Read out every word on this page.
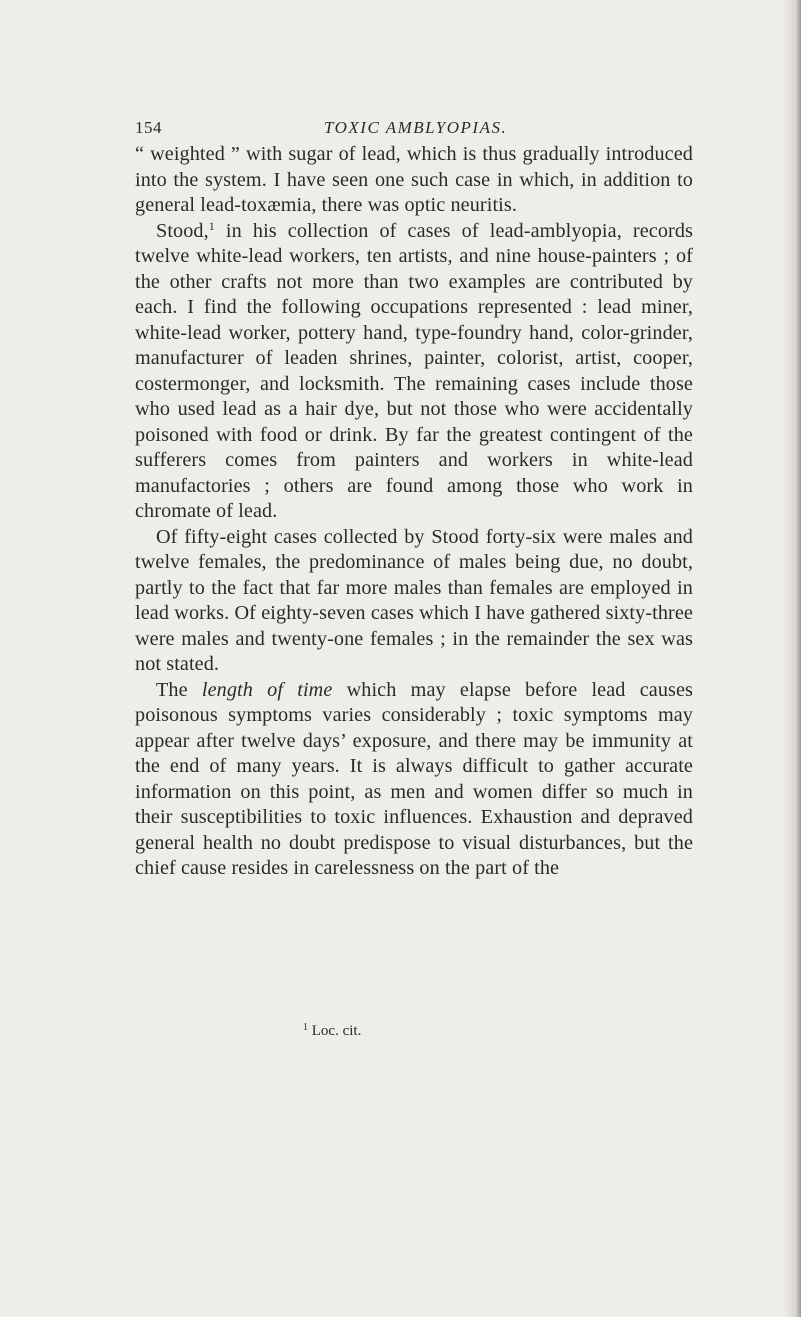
154	TOXIC AMBLYOPIAS.

“ weighted ” with sugar of lead, which is thus gradually introduced into the system. I have seen one such case in which, in addition to general lead-toxæmia, there was optic neuritis.

Stood,$^1$ in his collection of cases of lead-amblyopia, records twelve white-lead workers, ten artists, and nine house-painters ; of the other crafts not more than two examples are contributed by each. I find the following occupations represented : lead miner, white-lead worker, pottery hand, type-foundry hand, color-grinder, manufacturer of leaden shrines, painter, colorist, artist, cooper, costermonger, and locksmith. The remaining cases include those who used lead as a hair dye, but not those who were accidentally poisoned with food or drink. By far the greatest contingent of the sufferers comes from painters and workers in white-lead manufactories ; others are found among those who work in chromate of lead.

Of fifty-eight cases collected by Stood forty-six were males and twelve females, the predominance of males being due, no doubt, partly to the fact that far more males than females are employed in lead works. Of eighty-seven cases which I have gathered sixty-three were males and twenty-one females ; in the remainder the sex was not stated.

The length of time which may elapse before lead causes poisonous symptoms varies considerably ; toxic symptoms may appear after twelve days’ exposure, and there may be immunity at the end of many years. It is always difficult to gather accurate information on this point, as men and women differ so much in their susceptibilities to toxic influences. Exhaustion and depraved general health no doubt predispose to visual disturbances, but the chief cause resides in carelessness on the part of the

$^1$ Loc. cit.
